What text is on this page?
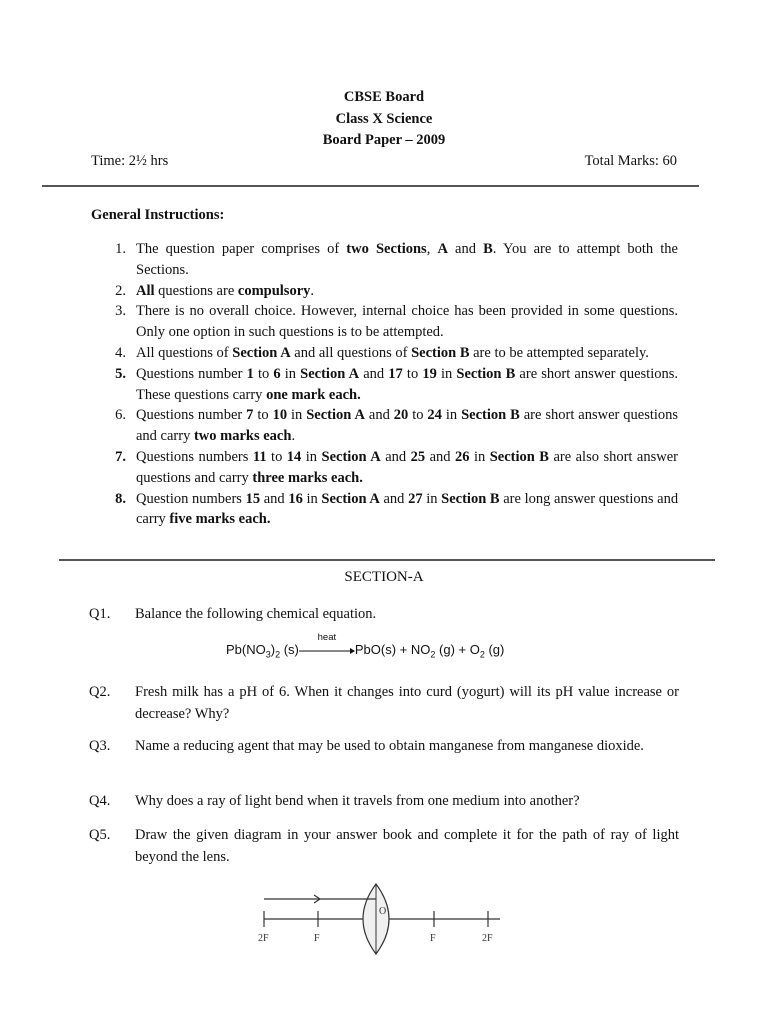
CBSE Board
Class X Science
Board Paper – 2009
Time: 2½ hrs	Total Marks: 60
General Instructions:
1. The question paper comprises of two Sections, A and B. You are to attempt both the Sections.
2. All questions are compulsory.
3. There is no overall choice. However, internal choice has been provided in some questions. Only one option in such questions is to be attempted.
4. All questions of Section A and all questions of Section B are to be attempted separately.
5. Questions number 1 to 6 in Section A and 17 to 19 in Section B are short answer questions. These questions carry one mark each.
6. Questions number 7 to 10 in Section A and 20 to 24 in Section B are short answer questions and carry two marks each.
7. Questions numbers 11 to 14 in Section A and 25 and 26 in Section B are also short answer questions and carry three marks each.
8. Question numbers 15 and 16 in Section A and 27 in Section B are long answer questions and carry five marks each.
SECTION-A
Q1. Balance the following chemical equation.
$Pb(NO_3)_2$ (s)
heat
$PbO(s) + NO_2$ $(g) + O_2$ (g)
Q2. Fresh milk has a pH of 6. When it changes into curd (yogurt) will its pH value increase or decrease? Why?
Q3. Name a reducing agent that may be used to obtain manganese from manganese dioxide.
Q4. Why does a ray of light bend when it travels from one medium into another?
Q5. Draw the given diagram in your answer book and complete it for the path of ray of light beyond the lens.
O
2F	F	F	2F
